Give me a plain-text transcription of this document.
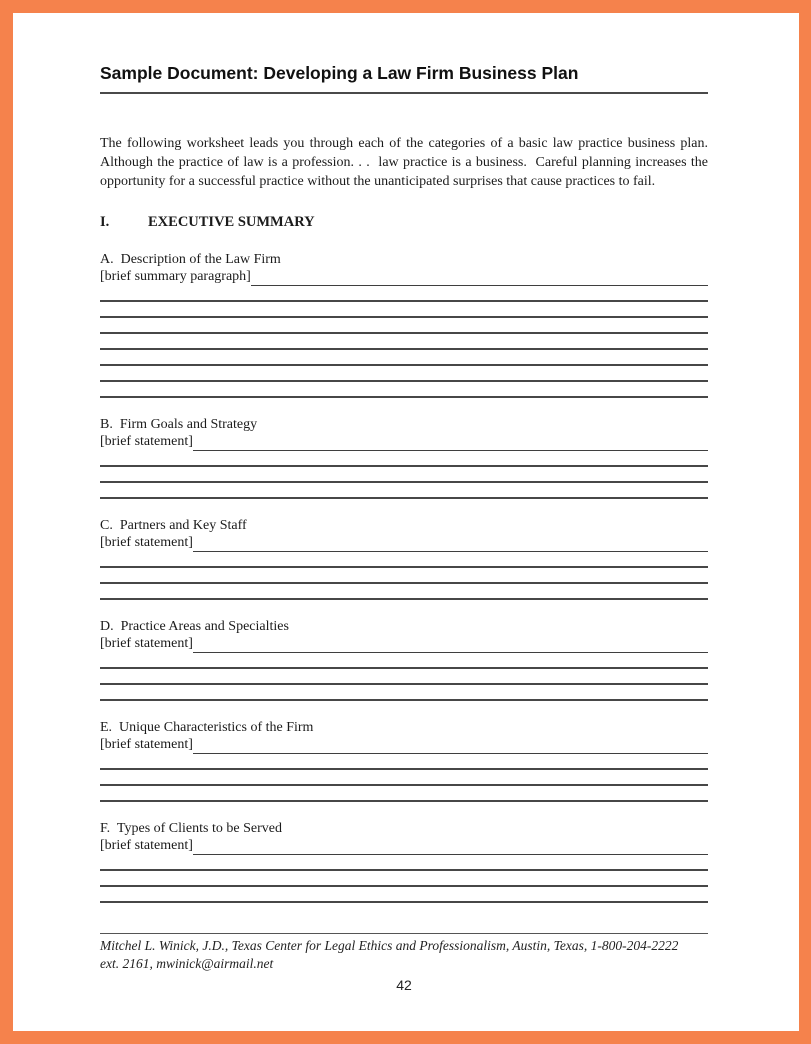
Sample Document: Developing a Law Firm Business Plan
The following worksheet leads you through each of the categories of a basic law practice business plan.  Although the practice of law is a profession. . .  law practice is a business.  Careful planning increases the opportunity for a successful practice without the unanticipated surprises that cause practices to fail.
I.	EXECUTIVE SUMMARY
A.  Description of the Law Firm
[brief summary paragraph]
B.  Firm Goals and Strategy
[brief statement]
C.  Partners and Key Staff
[brief statement]
D.  Practice Areas and Specialties
[brief statement]
E.  Unique Characteristics of the Firm
[brief statement]
F.  Types of Clients to be Served
[brief statement]
Mitchel L. Winick, J.D., Texas Center for Legal Ethics and Professionalism, Austin, Texas, 1-800-204-2222
ext. 2161, mwinick@airmail.net
42
